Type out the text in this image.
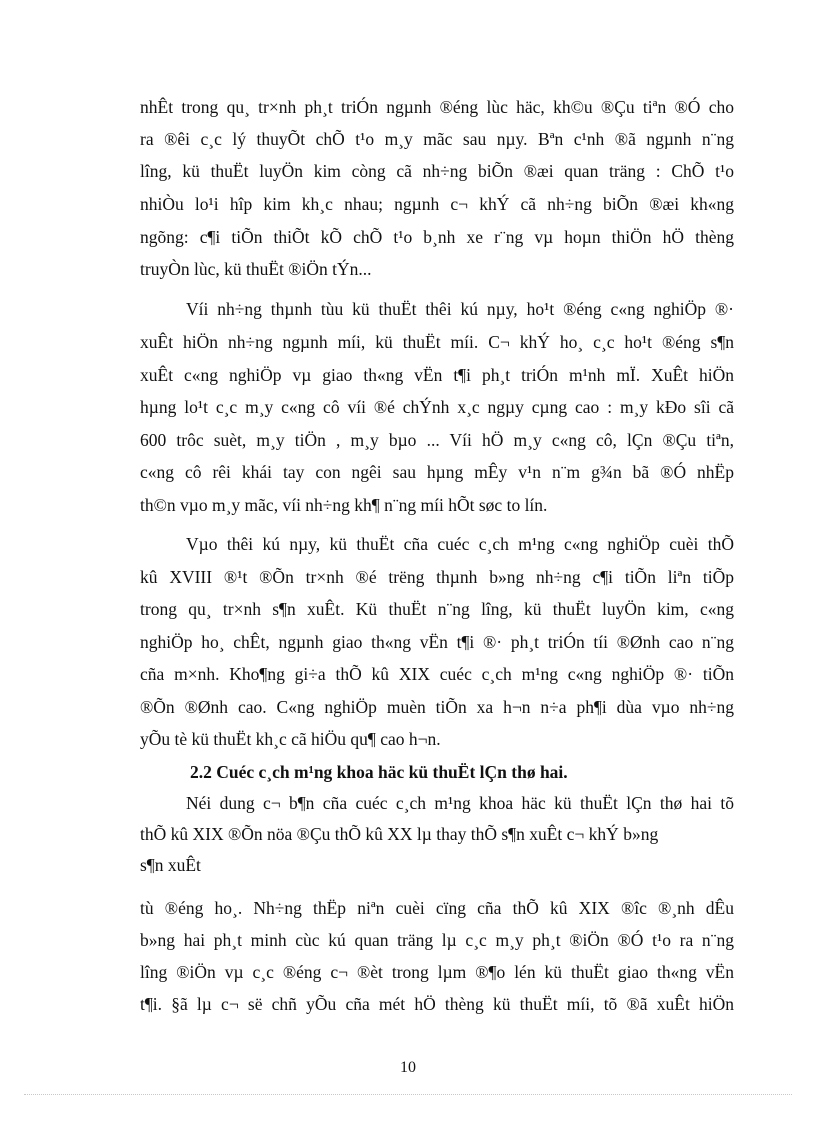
nhÊt trong qu¸ tr×nh ph¸t triÓn ngµnh ®éng lùc häc, kh©u ®Çu tiªn ®Ó cho
ra ®êi c¸c lý thuyÕt chÕ t¹o m¸y mãc sau nµy. Bªn c¹nh ®ã ngµnh n¨ng
lîng, kü thuËt luyÖn kim còng cã nh÷ng biÕn ®æi quan träng : ChÕ t¹o
nhiÒu lo¹i hîp kim kh¸c nhau; ngµnh c¬ khÝ cã nh÷ng biÕn ®æi kh«ng
ngõng: c¶i tiÕn thiÕt kÕ chÕ t¹o b¸nh xe r¨ng vµ hoµn thiÖn hÖ thèng
truyÒn lùc, kü thuËt ®iÖn tÝn...
Víi nh÷ng thµnh tùu kü thuËt thêi kú nµy, ho¹t ®éng c«ng nghiÖp ®·
xuÊt hiÖn nh÷ng ngµnh míi, kü thuËt míi. C¬ khÝ ho¸ c¸c ho¹t ®éng s¶n
xuÊt c«ng nghiÖp vµ giao th«ng vËn t¶i ph¸t triÓn m¹nh mÏ. XuÊt hiÖn
hµng lo¹t c¸c m¸y c«ng cô víi ®é chÝnh x¸c ngµy cµng cao : m¸y kÐo sîi cã
600 trôc suèt, m¸y tiÖn , m¸y bµo ... Víi hÖ m¸y c«ng cô, lÇn ®Çu tiªn,
c«ng cô rêi khái tay con ngêi sau hµng mÊy v¹n n¨m g¾n bã ®Ó nhËp
th©n vµo m¸y mãc, víi nh÷ng kh¶ n¨ng míi hÕt søc to lín.
Vµo thêi kú nµy, kü thuËt cña cuéc c¸ch m¹ng c«ng nghiÖp cuèi thÕ
kû XVIII ®¹t ®Õn tr×nh ®é trëng thµnh b»ng nh÷ng c¶i tiÕn liªn tiÕp
trong qu¸ tr×nh s¶n xuÊt. Kü thuËt n¨ng lîng, kü thuËt luyÖn kim, c«ng
nghiÖp ho¸ chÊt, ngµnh giao th«ng vËn t¶i ®· ph¸t triÓn tíi ®Ønh cao n¨ng
cña m×nh. Kho¶ng gi÷a thÕ kû XIX cuéc c¸ch m¹ng c«ng nghiÖp ®· tiÕn
®Õn ®Ønh cao. C«ng nghiÖp muèn tiÕn xa h¬n n÷a ph¶i dùa vµo nh÷ng
yÕu tè kü thuËt kh¸c cã hiÖu qu¶ cao h¬n.
2.2 Cuéc c¸ch m¹ng khoa häc kü thuËt lÇn thø hai.
Néi dung c¬ b¶n cña cuéc c¸ch m¹ng khoa häc kü thuËt lÇn thø hai tõ
thÕ kû XIX ®Õn nöa ®Çu thÕ kû XX lµ thay thÕ s¶n xuÊt c¬ khÝ b»ng
s¶n xuÊt
tù ®éng ho¸. Nh÷ng thËp niªn cuèi cïng cña thÕ kû XIX ®îc ®¸nh dÊu
b»ng hai ph¸t minh cùc kú quan träng lµ c¸c m¸y ph¸t ®iÖn ®Ó t¹o ra n¨ng
lîng ®iÖn vµ c¸c ®éng c¬ ®èt trong lµm ®¶o lén kü thuËt giao th«ng vËn
t¶i. §ã lµ c¬ së chñ yÕu cña mét hÖ thèng kü thuËt míi, tõ ®ã xuÊt hiÖn
10
